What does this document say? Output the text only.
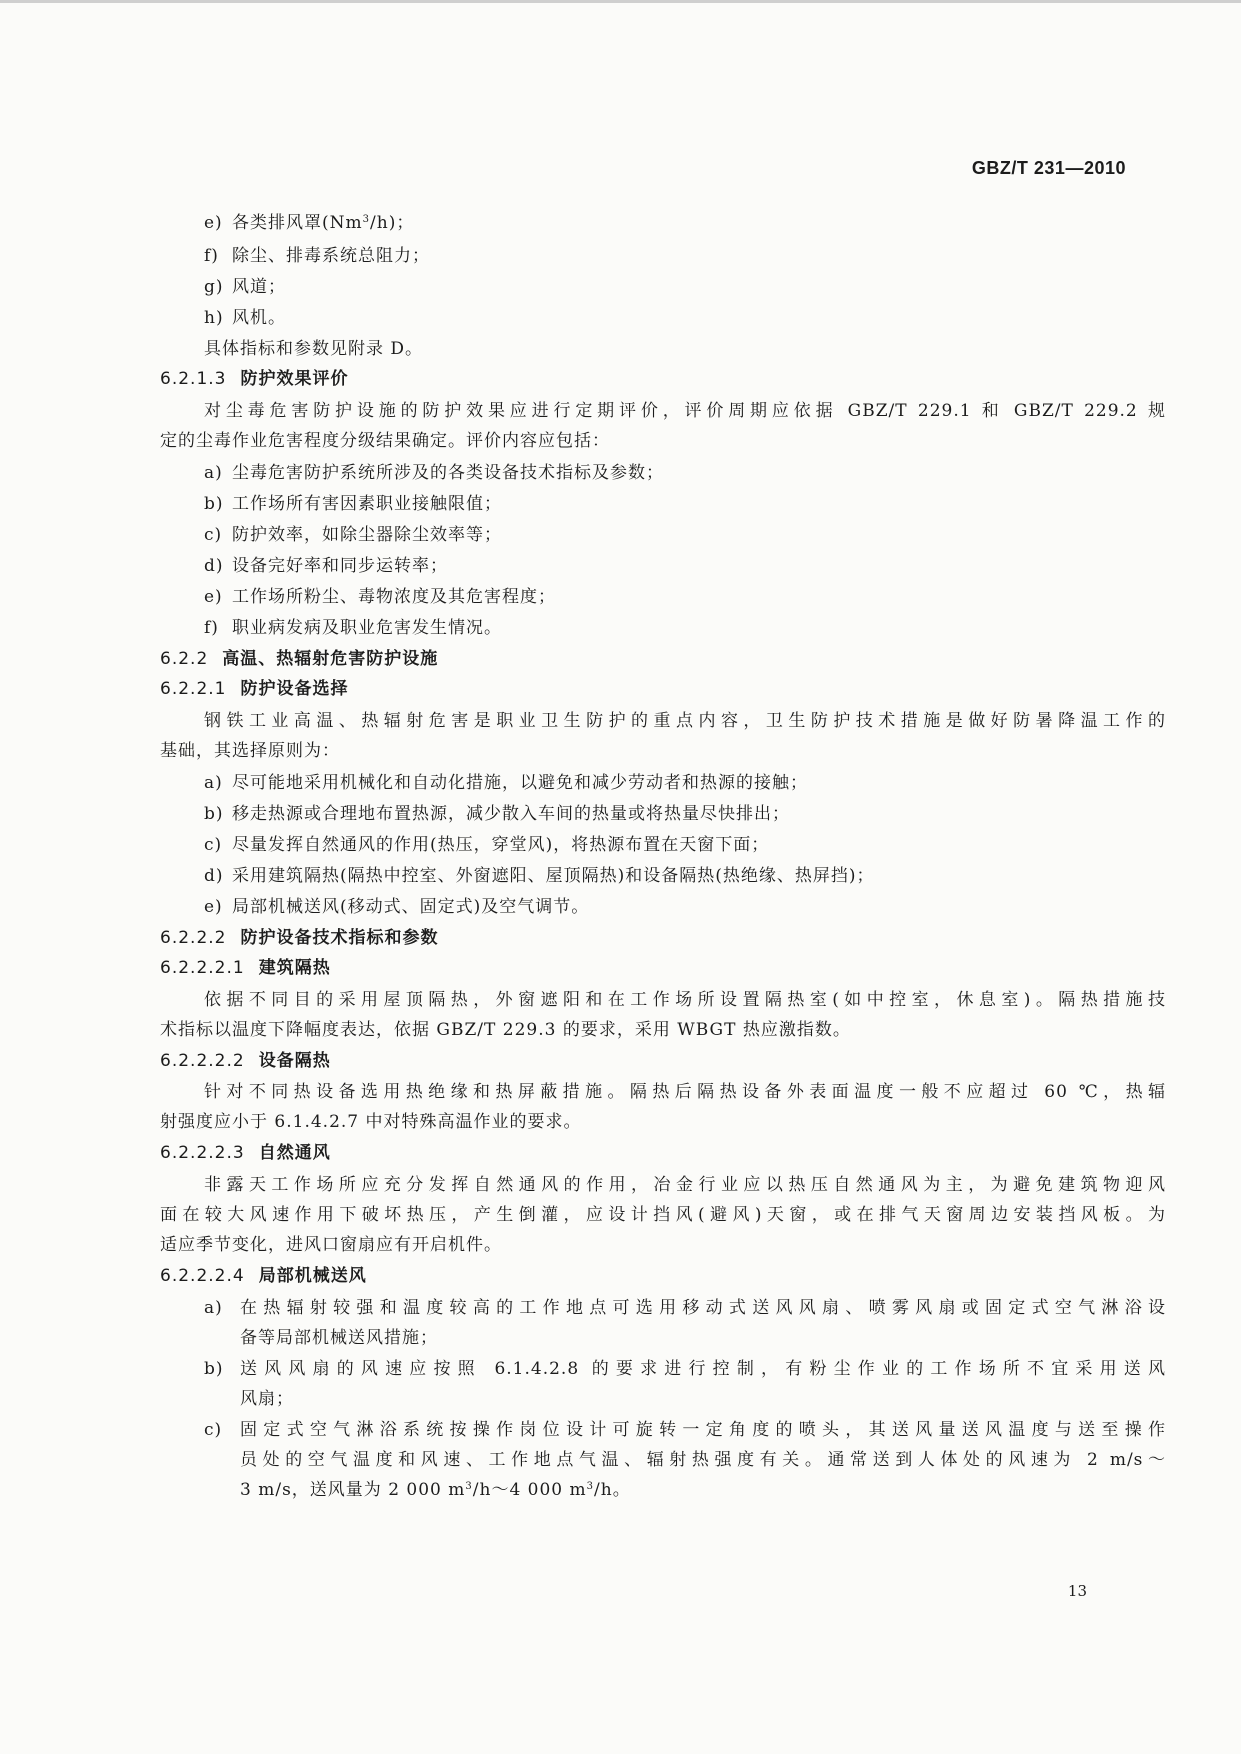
GBZ/T 231—2010
e) 各类排风罩(Nm$^3$/h)；
f) 除尘、排毒系统总阻力；
g) 风道；
h) 风机。
具体指标和参数见附录 D。
6.2.1.3 防护效果评价
对尘毒危害防护设施的防护效果应进行定期评价，评价周期应依据 GBZ/T 229.1 和 GBZ/T 229.2 规
定的尘毒作业危害程度分级结果确定。评价内容应包括：
a) 尘毒危害防护系统所涉及的各类设备技术指标及参数；
b) 工作场所有害因素职业接触限值；
c) 防护效率，如除尘器除尘效率等；
d) 设备完好率和同步运转率；
e) 工作场所粉尘、毒物浓度及其危害程度；
f) 职业病发病及职业危害发生情况。
6.2.2 高温、热辐射危害防护设施
6.2.2.1 防护设备选择
钢铁工业高温、热辐射危害是职业卫生防护的重点内容，卫生防护技术措施是做好防暑降温工作的
基础，其选择原则为：
a) 尽可能地采用机械化和自动化措施，以避免和减少劳动者和热源的接触；
b) 移走热源或合理地布置热源，减少散入车间的热量或将热量尽快排出；
c) 尽量发挥自然通风的作用(热压，穿堂风)，将热源布置在天窗下面；
d) 采用建筑隔热(隔热中控室、外窗遮阳、屋顶隔热)和设备隔热(热绝缘、热屏挡)；
e) 局部机械送风(移动式、固定式)及空气调节。
6.2.2.2 防护设备技术指标和参数
6.2.2.2.1 建筑隔热
依据不同目的采用屋顶隔热，外窗遮阳和在工作场所设置隔热室(如中控室，休息室)。隔热措施技
术指标以温度下降幅度表达，依据 GBZ/T 229.3 的要求，采用 WBGT 热应激指数。
6.2.2.2.2 设备隔热
针对不同热设备选用热绝缘和热屏蔽措施。隔热后隔热设备外表面温度一般不应超过 60 ℃，热辐
射强度应小于 6.1.4.2.7 中对特殊高温作业的要求。
6.2.2.2.3 自然通风
非露天工作场所应充分发挥自然通风的作用，冶金行业应以热压自然通风为主，为避免建筑物迎风
面在较大风速作用下破坏热压，产生倒灌，应设计挡风(避风)天窗，或在排气天窗周边安装挡风板。为
适应季节变化，进风口窗扇应有开启机件。
6.2.2.2.4 局部机械送风
a)	在热辐射较强和温度较高的工作地点可选用移动式送风风扇、喷雾风扇或固定式空气淋浴设
备等局部机械送风措施；
b) 送风风扇的风速应按照 6.1.4.2.8 的要求进行控制，有粉尘作业的工作场所不宜采用送风
风扇；
c)	固定式空气淋浴系统按操作岗位设计可旋转一定角度的喷头，其送风量送风温度与送至操作
员处的空气温度和风速、工作地点气温、辐射热强度有关。通常送到人体处的风速为 2 m/s～
3 m/s，送风量为 2 000 $m^3/h\sim 4$ 000 $m^3/h$。
13
